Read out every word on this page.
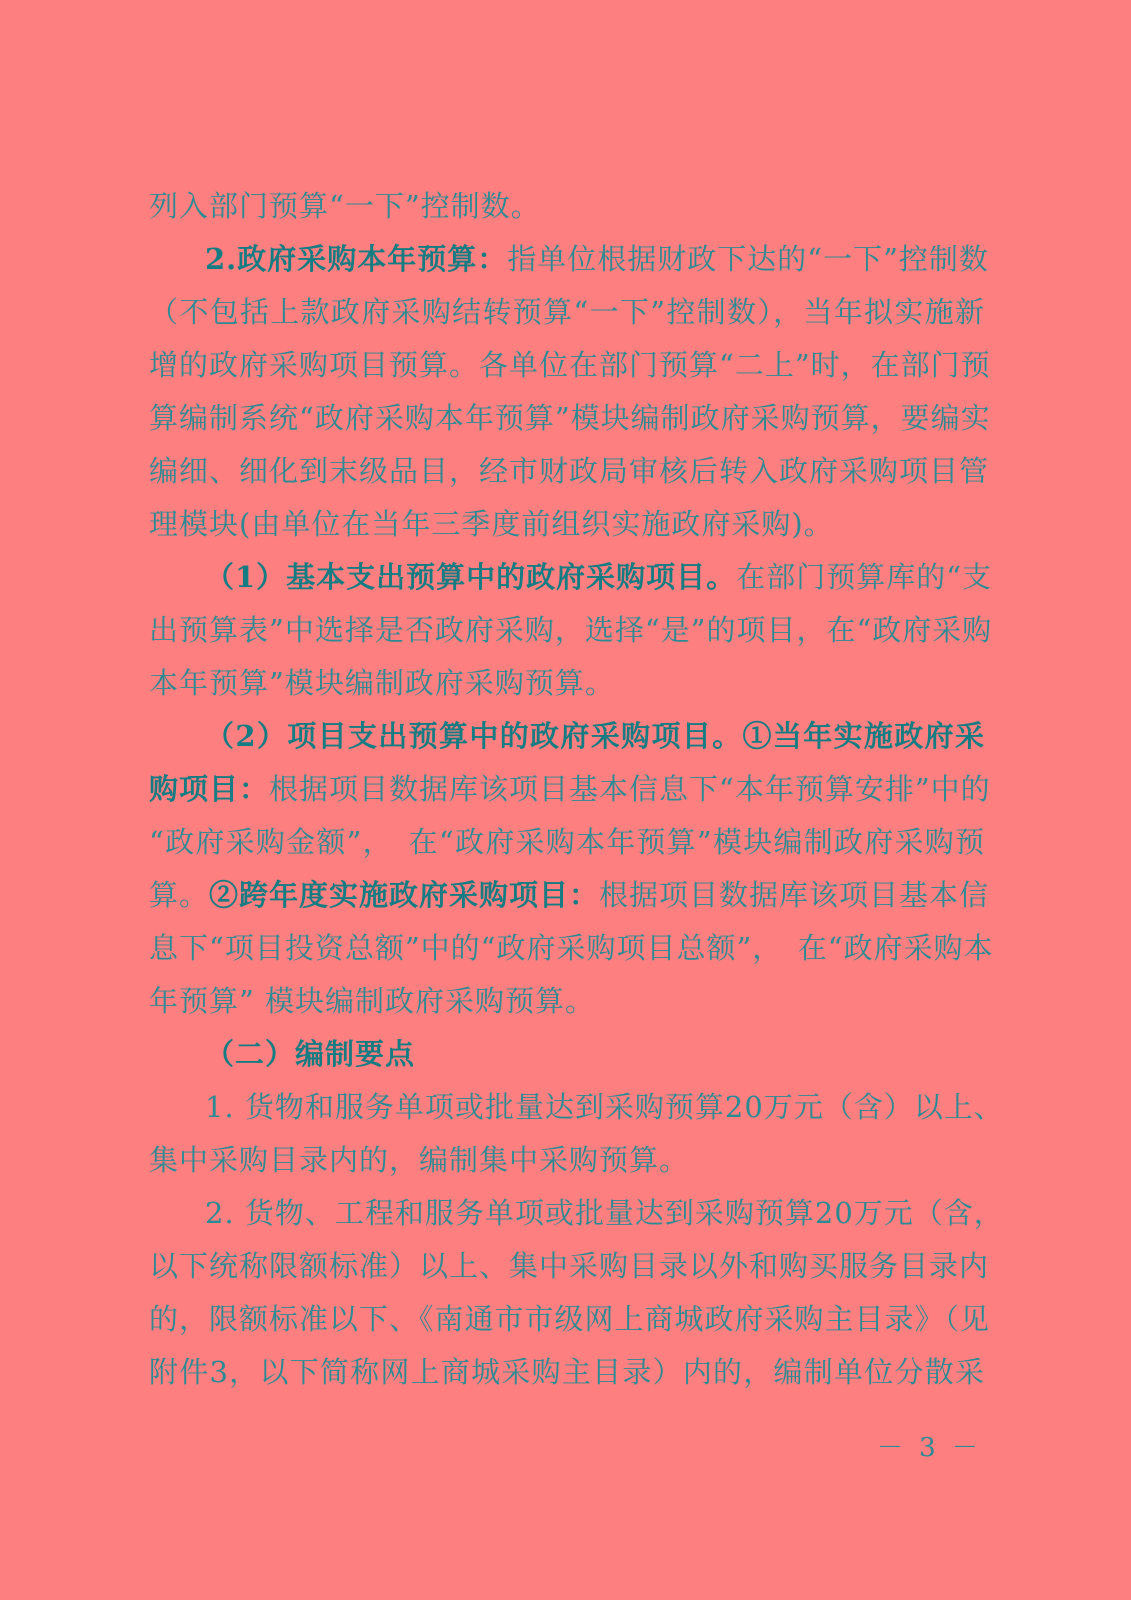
列入部门预算“一下”控制数。
2.政府采购本年预算：指单位根据财政下达的“一下”控制数
（不包括上款政府采购结转预算“一下”控制数），当年拟实施新
增的政府采购项目预算。各单位在部门预算“二上”时，在部门预
算编制系统“政府采购本年预算”模块编制政府采购预算，要编实
编细、细化到末级品目，经市财政局审核后转入政府采购项目管
理模块(由单位在当年三季度前组织实施政府采购)。
（1）基本支出预算中的政府采购项目。在部门预算库的“支
出预算表”中选择是否政府采购，选择“是”的项目，在“政府采购
本年预算”模块编制政府采购预算。
（2）项目支出预算中的政府采购项目。①当年实施政府采
购项目：根据项目数据库该项目基本信息下“本年预算安排”中的
“政府采购金额”，　在“政府采购本年预算”模块编制政府采购预
算。②跨年度实施政府采购项目：根据项目数据库该项目基本信
息下“项目投资总额”中的“政府采购项目总额”，　在“政府采购本
年预算” 模块编制政府采购预算。
（二）编制要点
1. 货物和服务单项或批量达到采购预算20万元（含）以上、
集中采购目录内的，编制集中采购预算。
2. 货物、工程和服务单项或批量达到采购预算20万元（含，
以下统称限额标准）以上、集中采购目录以外和购买服务目录内
的，限额标准以下、《南通市市级网上商城政府采购主目录》（见
附件3，以下简称网上商城采购主目录）内的，编制单位分散采
－ 3 －
